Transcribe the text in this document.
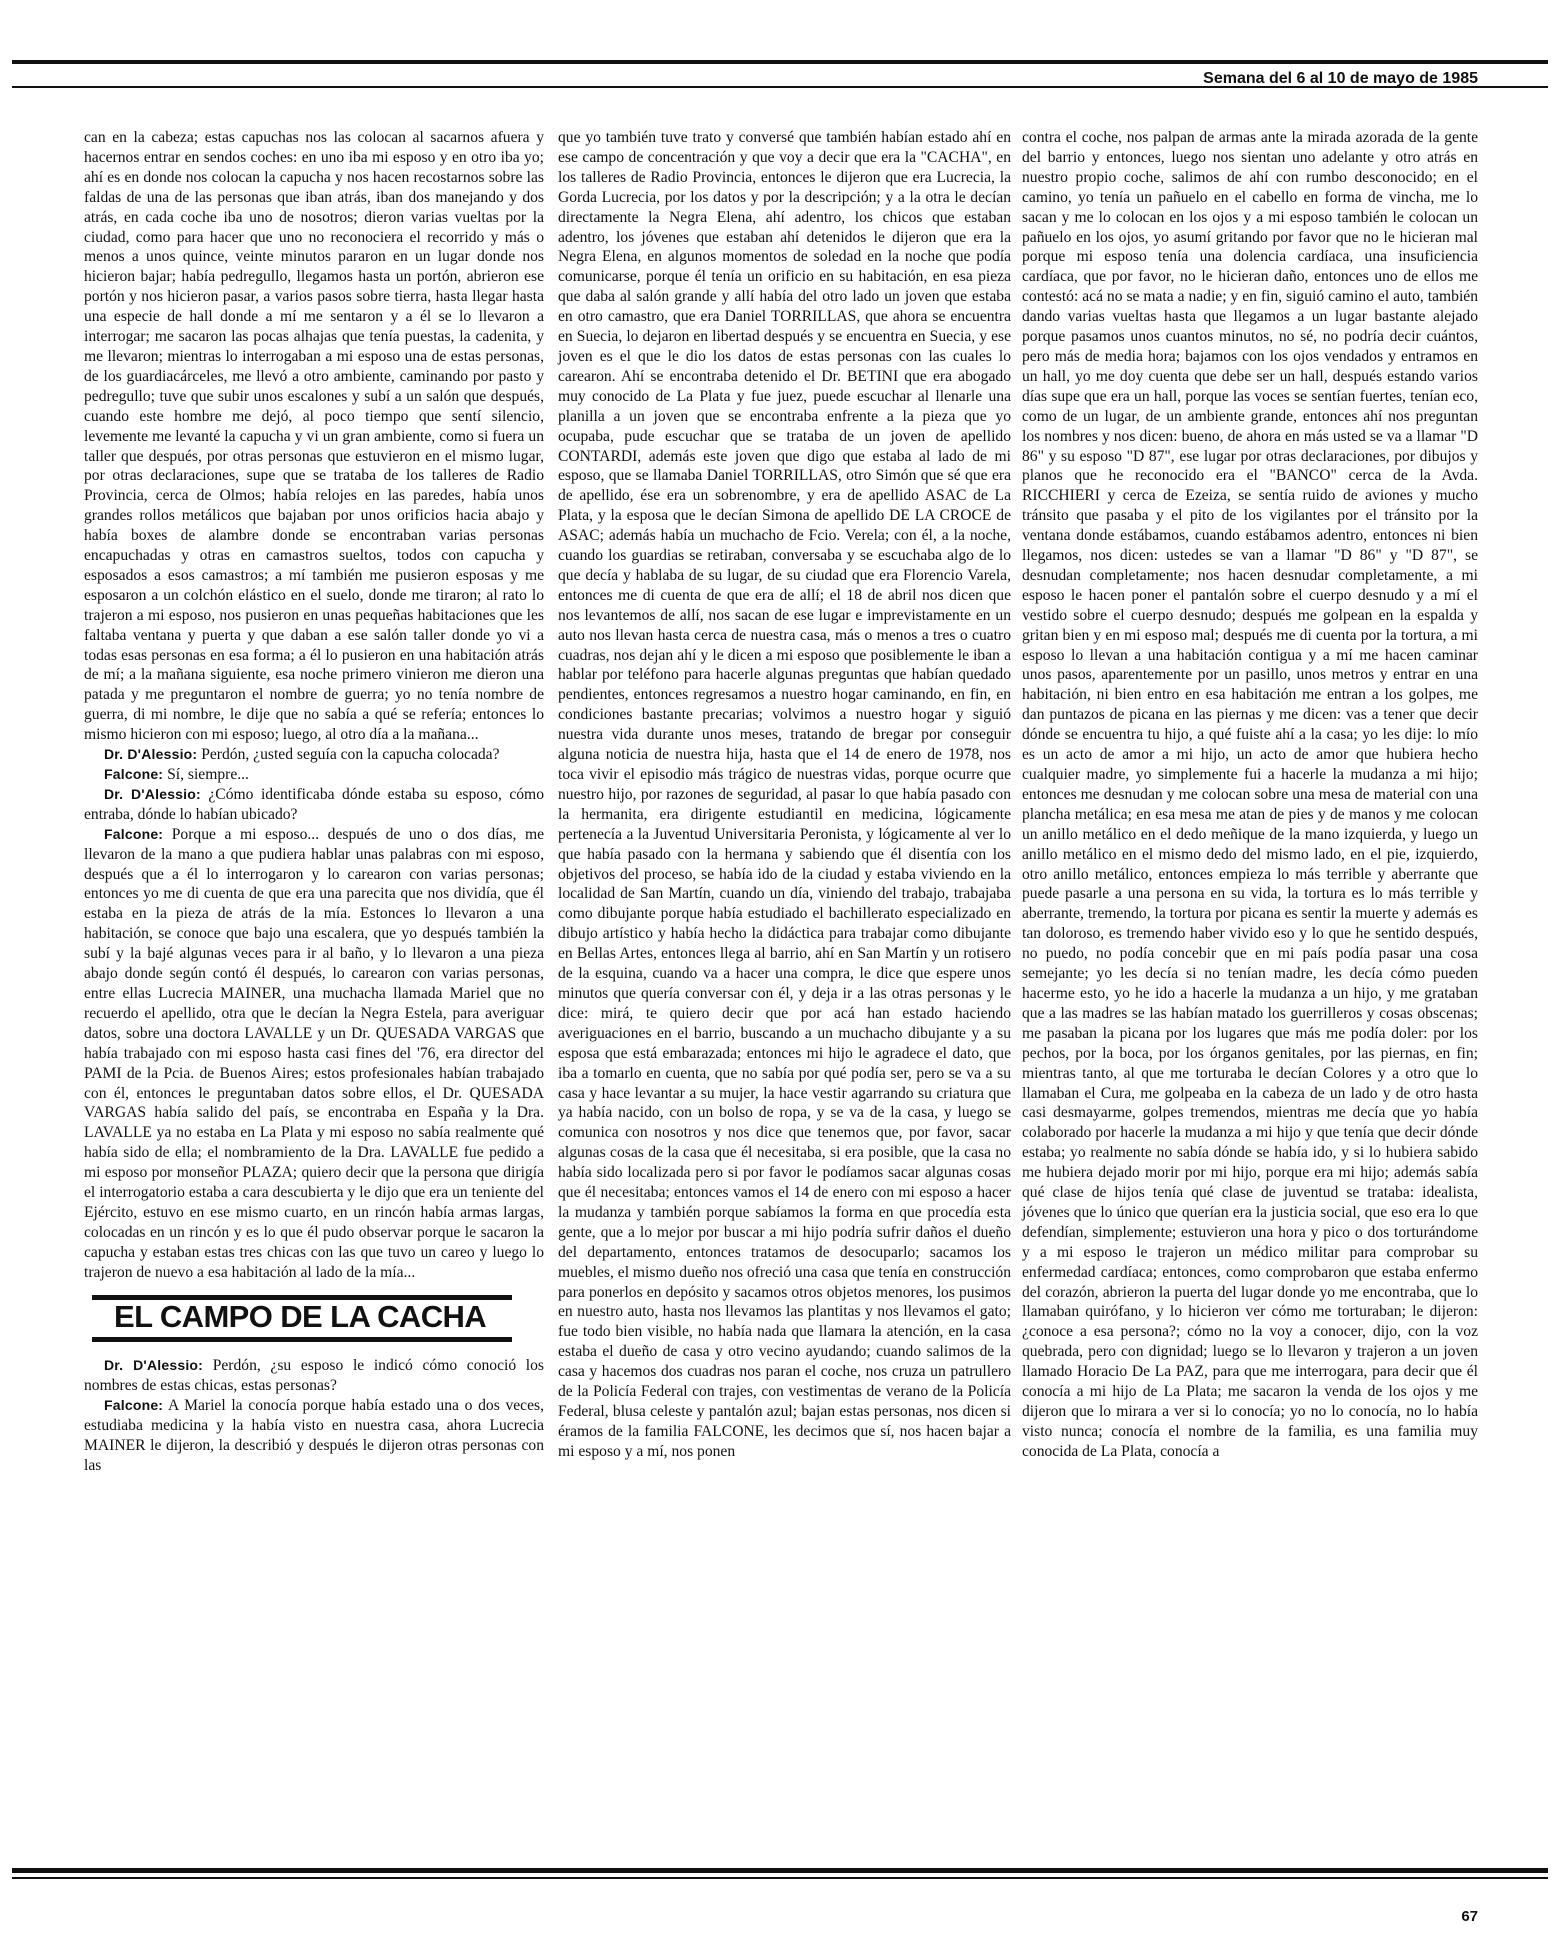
Semana del 6 al 10 de mayo de 1985

can en la cabeza; estas capuchas nos las colocan al sacarnos afuera y hacernos entrar en sendos coches: en uno iba mi esposo y en otro iba yo; ahí es en donde nos colocan la capucha y nos hacen recostarnos sobre las faldas de una de las personas que iban atrás, iban dos manejando y dos atrás, en cada coche iba uno de nosotros; dieron varias vueltas por la ciudad, como para hacer que uno no reconociera el recorrido y más o menos a unos quince, veinte minutos pararon en un lugar donde nos hicieron bajar; había pedregullo, llegamos hasta un portón, abrieron ese portón y nos hicieron pasar, a varios pasos sobre tierra, hasta llegar hasta una especie de hall donde a mí me sentaron y a él se lo llevaron a interrogar; me sacaron las pocas alhajas que tenía puestas, la cadenita, y me llevaron; mientras lo interrogaban a mi esposo una de estas personas, de los guardiacárceles, me llevó a otro ambiente, caminando por pasto y pedregullo; tuve que subir unos escalones y subí a un salón que después, cuando este hombre me dejó, al poco tiempo que sentí silencio, levemente me levanté la capucha y vi un gran ambiente, como si fuera un taller que después, por otras personas que estuvieron en el mismo lugar, por otras declaraciones, supe que se trataba de los talleres de Radio Provincia, cerca de Olmos; había relojes en las paredes, había unos grandes rollos metálicos que bajaban por unos orificios hacia abajo y había boxes de alambre donde se encontraban varias personas encapuchadas y otras en camastros sueltos, todos con capucha y esposados a esos camastros; a mí también me pusieron esposas y me esposaron a un colchón elástico en el suelo, donde me tiraron; al rato lo trajeron a mi esposo, nos pusieron en unas pequeñas habitaciones que les faltaba ventana y puerta y que daban a ese salón taller donde yo vi a todas esas personas en esa forma; a él lo pusieron en una habitación atrás de mí; a la mañana siguiente, esa noche primero vinieron me dieron una patada y me preguntaron el nombre de guerra; yo no tenía nombre de guerra, di mi nombre, le dije que no sabía a qué se refería; entonces lo mismo hicieron con mi esposo; luego, al otro día a la mañana...

Dr. D'Alessio: Perdón, ¿usted seguía con la capucha colocada?

Falcone: Sí, siempre...

Dr. D'Alessio: ¿Cómo identificaba dónde estaba su esposo, cómo entraba, dónde lo habían ubicado?

Falcone: Porque a mi esposo... después de uno o dos días, me llevaron de la mano a que pudiera hablar unas palabras con mi esposo, después que a él lo interrogaron y lo carearon con varias personas; entonces yo me di cuenta de que era una parecita que nos dividía, que él estaba en la pieza de atrás de la mía. Estonces lo llevaron a una habitación, se conoce que bajo una escalera, que yo después también la subí y la bajé algunas veces para ir al baño, y lo llevaron a una pieza abajo donde según contó él después, lo carearon con varias personas, entre ellas Lucrecia MAINER, una muchacha llamada Mariel que no recuerdo el apellido, otra que le decían la Negra Estela, para averiguar datos, sobre una doctora LAVALLE y un Dr. QUESADA VARGAS que había trabajado con mi esposo hasta casi fines del '76, era director del PAMI de la Pcia. de Buenos Aires; estos profesionales habían trabajado con él, entonces le preguntaban datos sobre ellos, el Dr. QUESADA VARGAS había salido del país, se encontraba en España y la Dra. LAVALLE ya no estaba en La Plata y mi esposo no sabía realmente qué había sido de ella; el nombramiento de la Dra. LAVALLE fue pedido a mi esposo por monseñor PLAZA; quiero decir que la persona que dirigía el interrogatorio estaba a cara descubierta y le dijo que era un teniente del Ejército, estuvo en ese mismo cuarto, en un rincón había armas largas, colocadas en un rincón y es lo que él pudo observar porque le sacaron la capucha y estaban estas tres chicas con las que tuvo un careo y luego lo trajeron de nuevo a esa habitación al lado de la mía...

EL CAMPO DE LA CACHA

Dr. D'Alessio: Perdón, ¿su esposo le indicó cómo conoció los nombres de estas chicas, estas personas?

Falcone: A Mariel la conocía porque había estado una o dos veces, estudiaba medicina y la había visto en nuestra casa, ahora Lucrecia MAINER le dijeron, la describió y después le dijeron otras personas con las

que yo también tuve trato y conversé que también habían estado ahí en ese campo de concentración y que voy a decir que era la "CACHA", en los talleres de Radio Provincia, entonces le dijeron que era Lucrecia, la Gorda Lucrecia, por los datos y por la descripción; y a la otra le decían directamente la Negra Elena, ahí adentro, los chicos que estaban adentro, los jóvenes que estaban ahí detenidos le dijeron que era la Negra Elena, en algunos momentos de soledad en la noche que podía comunicarse, porque él tenía un orificio en su habitación, en esa pieza que daba al salón grande y allí había del otro lado un joven que estaba en otro camastro, que era Daniel TORRILLAS, que ahora se encuentra en Suecia, lo dejaron en libertad después y se encuentra en Suecia, y ese joven es el que le dio los datos de estas personas con las cuales lo carearon. Ahí se encontraba detenido el Dr. BETINI que era abogado muy conocido de La Plata y fue juez, puede escuchar al llenarle una planilla a un joven que se encontraba enfrente a la pieza que yo ocupaba, pude escuchar que se trataba de un joven de apellido CONTARDI, además este joven que digo que estaba al lado de mi esposo, que se llamaba Daniel TORRILLAS, otro Simón que sé que era de apellido, ése era un sobrenombre, y era de apellido ASAC de La Plata, y la esposa que le decían Simona de apellido DE LA CROCE de ASAC; además había un muchacho de Fcio. Verela; con él, a la noche, cuando los guardias se retiraban, conversaba y se escuchaba algo de lo que decía y hablaba de su lugar, de su ciudad que era Florencio Varela, entonces me di cuenta de que era de allí; el 18 de abril nos dicen que nos levantemos de allí, nos sacan de ese lugar e imprevistamente en un auto nos llevan hasta cerca de nuestra casa, más o menos a tres o cuatro cuadras, nos dejan ahí y le dicen a mi esposo que posiblemente le iban a hablar por teléfono para hacerle algunas preguntas que habían quedado pendientes, entonces regresamos a nuestro hogar caminando, en fin, en condiciones bastante precarias; volvimos a nuestro hogar y siguió nuestra vida durante unos meses, tratando de bregar por conseguir alguna noticia de nuestra hija, hasta que el 14 de enero de 1978, nos toca vivir el episodio más trágico de nuestras vidas, porque ocurre que nuestro hijo, por razones de seguridad, al pasar lo que había pasado con la hermanita, era dirigente estudiantil en medicina, lógicamente pertenecía a la Juventud Universitaria Peronista, y lógicamente al ver lo que había pasado con la hermana y sabiendo que él disentía con los objetivos del proceso, se había ido de la ciudad y estaba viviendo en la localidad de San Martín, cuando un día, viniendo del trabajo, trabajaba como dibujante porque había estudiado el bachillerato especializado en dibujo artístico y había hecho la didáctica para trabajar como dibujante en Bellas Artes, entonces llega al barrio, ahí en San Martín y un rotisero de la esquina, cuando va a hacer una compra, le dice que espere unos minutos que quería conversar con él, y deja ir a las otras personas y le dice: mirá, te quiero decir que por acá han estado haciendo averiguaciones en el barrio, buscando a un muchacho dibujante y a su esposa que está embarazada; entonces mi hijo le agradece el dato, que iba a tomarlo en cuenta, que no sabía por qué podía ser, pero se va a su casa y hace levantar a su mujer, la hace vestir agarrando su criatura que ya había nacido, con un bolso de ropa, y se va de la casa, y luego se comunica con nosotros y nos dice que tenemos que, por favor, sacar algunas cosas de la casa que él necesitaba, si era posible, que la casa no había sido localizada pero si por favor le podíamos sacar algunas cosas que él necesitaba; entonces vamos el 14 de enero con mi esposo a hacer la mudanza y también porque sabíamos la forma en que procedía esta gente, que a lo mejor por buscar a mi hijo podría sufrir daños el dueño del departamento, entonces tratamos de desocuparlo; sacamos los muebles, el mismo dueño nos ofreció una casa que tenía en construcción para ponerlos en depósito y sacamos otros objetos menores, los pusimos en nuestro auto, hasta nos llevamos las plantitas y nos llevamos el gato; fue todo bien visible, no había nada que llamara la atención, en la casa estaba el dueño de casa y otro vecino ayudando; cuando salimos de la casa y hacemos dos cuadras nos paran el coche, nos cruza un patrullero de la Policía Federal con trajes, con vestimentas de verano de la Policía Federal, blusa celeste y pantalón azul; bajan estas personas, nos dicen si éramos de la familia FALCONE, les decimos que sí, nos hacen bajar a mi esposo y a mí, nos ponen

contra el coche, nos palpan de armas ante la mirada azorada de la gente del barrio y entonces, luego nos sientan uno adelante y otro atrás en nuestro propio coche, salimos de ahí con rumbo desconocido; en el camino, yo tenía un pañuelo en el cabello en forma de vincha, me lo sacan y me lo colocan en los ojos y a mi esposo también le colocan un pañuelo en los ojos, yo asumí gritando por favor que no le hicieran mal porque mi esposo tenía una dolencia cardíaca, una insuficiencia cardíaca, que por favor, no le hicieran daño, entonces uno de ellos me contestó: acá no se mata a nadie; y en fin, siguió camino el auto, también dando varias vueltas hasta que llegamos a un lugar bastante alejado porque pasamos unos cuantos minutos, no sé, no podría decir cuántos, pero más de media hora; bajamos con los ojos vendados y entramos en un hall, yo me doy cuenta que debe ser un hall, después estando varios días supe que era un hall, porque las voces se sentían fuertes, tenían eco, como de un lugar, de un ambiente grande, entonces ahí nos preguntan los nombres y nos dicen: bueno, de ahora en más usted se va a llamar "D 86" y su esposo "D 87", ese lugar por otras declaraciones, por dibujos y planos que he reconocido era el "BANCO" cerca de la Avda. RICCHIERI y cerca de Ezeiza, se sentía ruido de aviones y mucho tránsito que pasaba y el pito de los vigilantes por el tránsito por la ventana donde estábamos, cuando estábamos adentro, entonces ni bien llegamos, nos dicen: ustedes se van a llamar "D 86" y "D 87", se desnudan completamente; nos hacen desnudar completamente, a mi esposo le hacen poner el pantalón sobre el cuerpo desnudo y a mí el vestido sobre el cuerpo desnudo; después me golpean en la espalda y gritan bien y en mi esposo mal; después me di cuenta por la tortura, a mi esposo lo llevan a una habitación contigua y a mí me hacen caminar unos pasos, aparentemente por un pasillo, unos metros y entrar en una habitación, ni bien entro en esa habitación me entran a los golpes, me dan puntazos de picana en las piernas y me dicen: vas a tener que decir dónde se encuentra tu hijo, a qué fuiste ahí a la casa; yo les dije: lo mío es un acto de amor a mi hijo, un acto de amor que hubiera hecho cualquier madre, yo simplemente fui a hacerle la mudanza a mi hijo; entonces me desnudan y me colocan sobre una mesa de material con una plancha metálica; en esa mesa me atan de pies y de manos y me colocan un anillo metálico en el dedo meñique de la mano izquierda, y luego un anillo metálico en el mismo dedo del mismo lado, en el pie, izquierdo, otro anillo metálico, entonces empieza lo más terrible y aberrante que puede pasarle a una persona en su vida, la tortura es lo más terrible y aberrante, tremendo, la tortura por picana es sentir la muerte y además es tan doloroso, es tremendo haber vivido eso y lo que he sentido después, no puedo, no podía concebir que en mi país podía pasar una cosa semejante; yo les decía si no tenían madre, les decía cómo pueden hacerme esto, yo he ido a hacerle la mudanza a un hijo, y me grataban que a las madres se las habían matado los guerrilleros y cosas obscenas; me pasaban la picana por los lugares que más me podía doler: por los pechos, por la boca, por los órganos genitales, por las piernas, en fin; mientras tanto, al que me torturaba le decían Colores y a otro que lo llamaban el Cura, me golpeaba en la cabeza de un lado y de otro hasta casi desmayarme, golpes tremendos, mientras me decía que yo había colaborado por hacerle la mudanza a mi hijo y que tenía que decir dónde estaba; yo realmente no sabía dónde se había ido, y si lo hubiera sabido me hubiera dejado morir por mi hijo, porque era mi hijo; además sabía qué clase de hijos tenía qué clase de juventud se trataba: idealista, jóvenes que lo único que querían era la justicia social, que eso era lo que defendían, simplemente; estuvieron una hora y pico o dos torturándome y a mi esposo le trajeron un médico militar para comprobar su enfermedad cardíaca; entonces, como comprobaron que estaba enfermo del corazón, abrieron la puerta del lugar donde yo me encontraba, que lo llamaban quirófano, y lo hicieron ver cómo me torturaban; le dijeron: ¿conoce a esa persona?; cómo no la voy a conocer, dijo, con la voz quebrada, pero con dignidad; luego se lo llevaron y trajeron a un joven llamado Horacio De La PAZ, para que me interrogara, para decir que él conocía a mi hijo de La Plata; me sacaron la venda de los ojos y me dijeron que lo mirara a ver si lo conocía; yo no lo conocía, no lo había visto nunca; conocía el nombre de la familia, es una familia muy conocida de La Plata, conocía a

67
